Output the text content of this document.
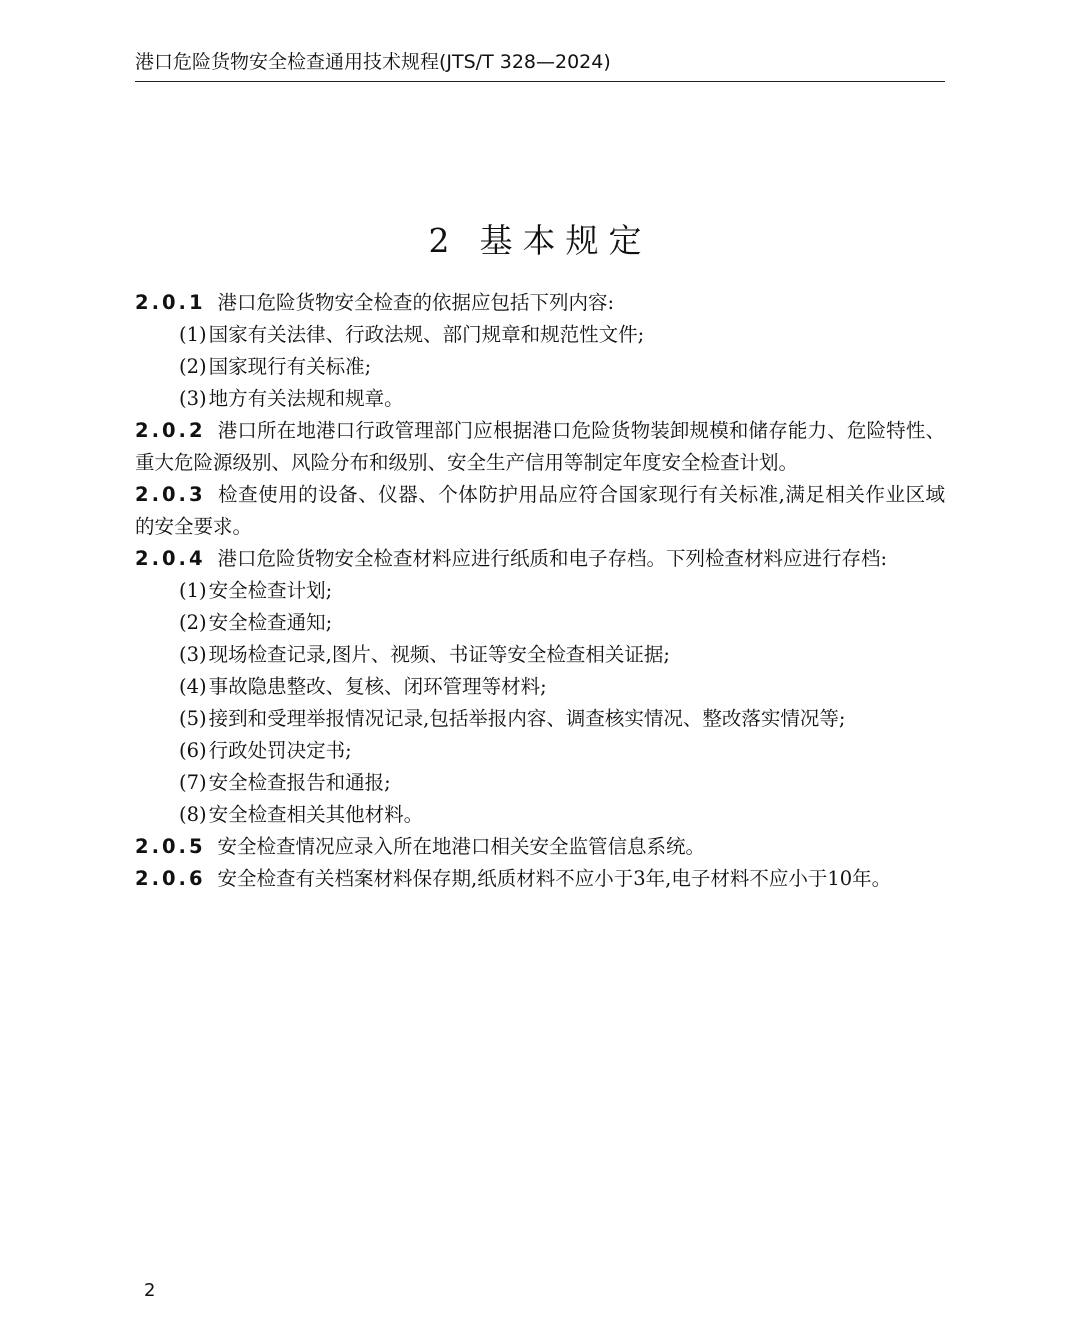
港口危险货物安全检查通用技术规程(JTS/T 328—2024)
2 基本规定

2.0.1 港口危险货物安全检查的依据应包括下列内容:

(1) 国家有关法律、行政法规、部门规章和规范性文件;

(2) 国家现行有关标准;

(3) 地方有关法规和规章。

2.0.2 港口所在地港口行政管理部门应根据港口危险货物装卸规模和储存能力、危险特性、重大危险源级别、风险分布和级别、安全生产信用等制定年度安全检查计划。

2.0.3 检查使用的设备、仪器、个体防护用品应符合国家现行有关标准,满足相关作业区域的安全要求。

2.0.4 港口危险货物安全检查材料应进行纸质和电子存档。下列检查材料应进行存档:

(1) 安全检查计划;

(2) 安全检查通知;

(3) 现场检查记录,图片、视频、书证等安全检查相关证据;

(4) 事故隐患整改、复核、闭环管理等材料;

(5) 接到和受理举报情况记录,包括举报内容、调查核实情况、整改落实情况等;

(6) 行政处罚决定书;

(7) 安全检查报告和通报;

(8) 安全检查相关其他材料。

2.0.5 安全检查情况应录入所在地港口相关安全监管信息系统。

2.0.6 安全检查有关档案材料保存期,纸质材料不应小于3年,电子材料不应小于10年。

2
